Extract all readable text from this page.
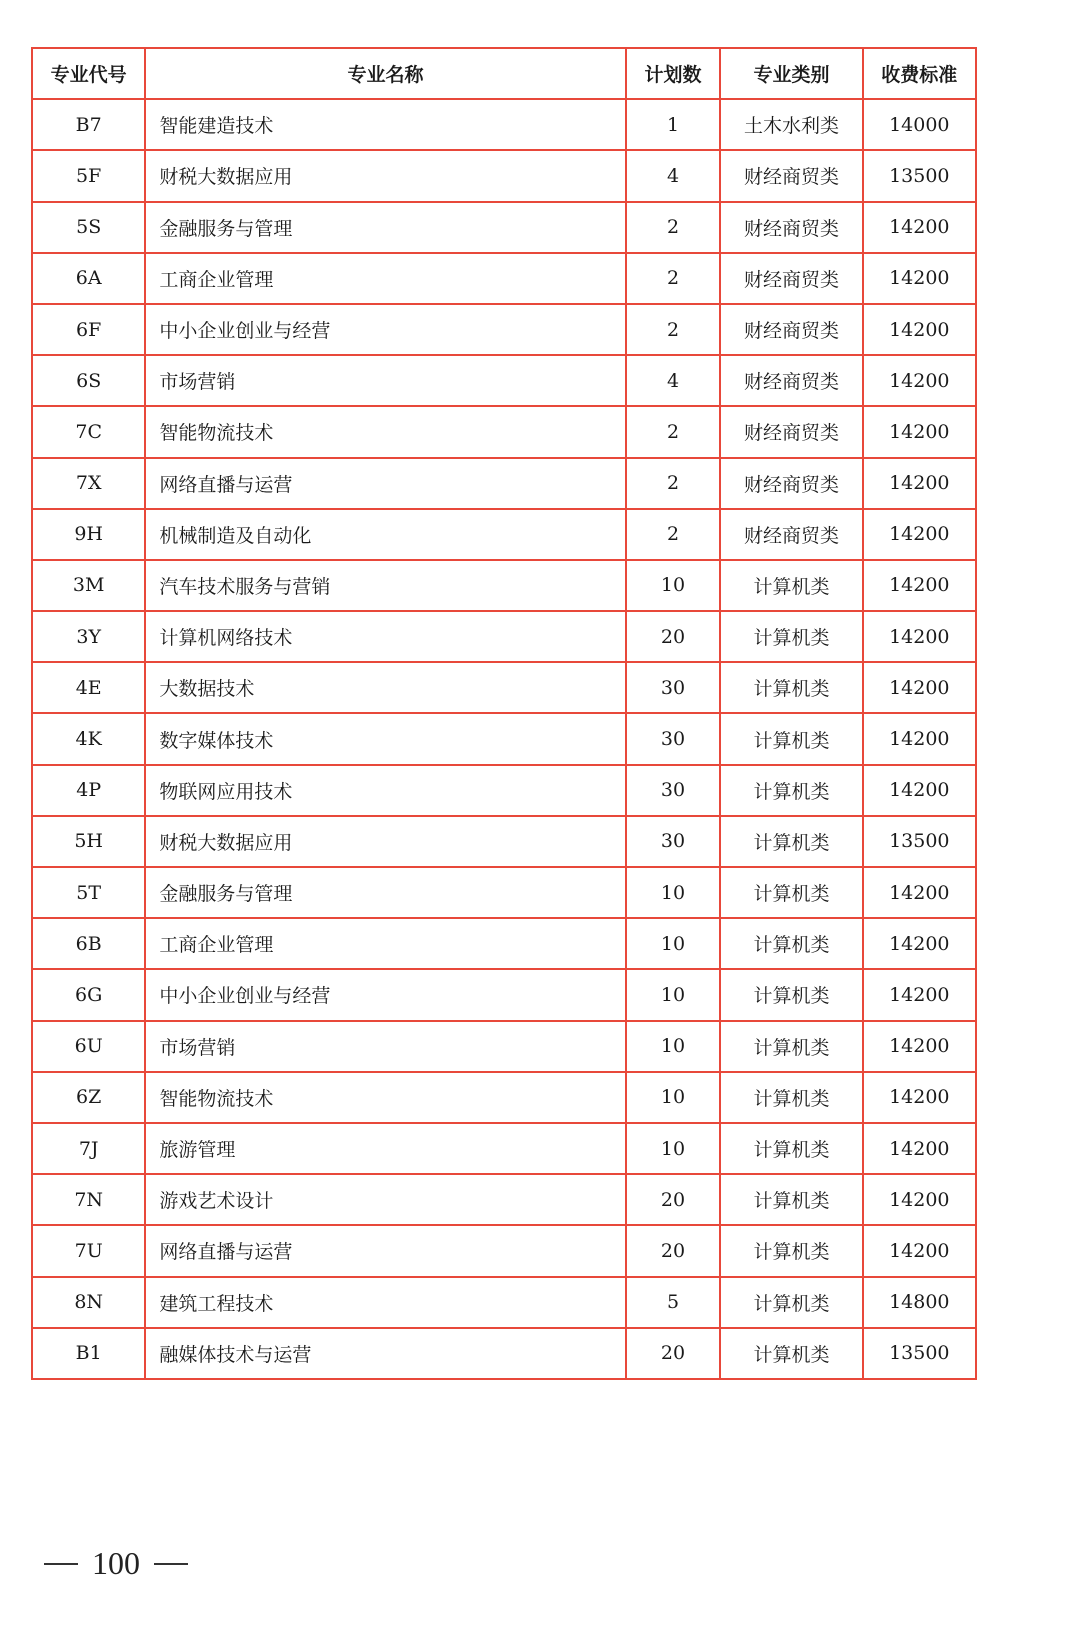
专业代号	专业名称	计划数	专业类别	收费标准
B7	智能建造技术	1	土木水利类	14000
5F	财税大数据应用	4	财经商贸类	13500
5S	金融服务与管理	2	财经商贸类	14200
6A	工商企业管理	2	财经商贸类	14200
6F	中小企业创业与经营	2	财经商贸类	14200
6S	市场营销	4	财经商贸类	14200
7C	智能物流技术	2	财经商贸类	14200
7X	网络直播与运营	2	财经商贸类	14200
9H	机械制造及自动化	2	财经商贸类	14200
3M	汽车技术服务与营销	10	计算机类	14200
3Y	计算机网络技术	20	计算机类	14200
4E	大数据技术	30	计算机类	14200
4K	数字媒体技术	30	计算机类	14200
4P	物联网应用技术	30	计算机类	14200
5H	财税大数据应用	30	计算机类	13500
5T	金融服务与管理	10	计算机类	14200
6B	工商企业管理	10	计算机类	14200
6G	中小企业创业与经营	10	计算机类	14200
6U	市场营销	10	计算机类	14200
6Z	智能物流技术	10	计算机类	14200
7J	旅游管理	10	计算机类	14200
7N	游戏艺术设计	20	计算机类	14200
7U	网络直播与运营	20	计算机类	14200
8N	建筑工程技术	5	计算机类	14800
B1	融媒体技术与运营	20	计算机类	13500
100
